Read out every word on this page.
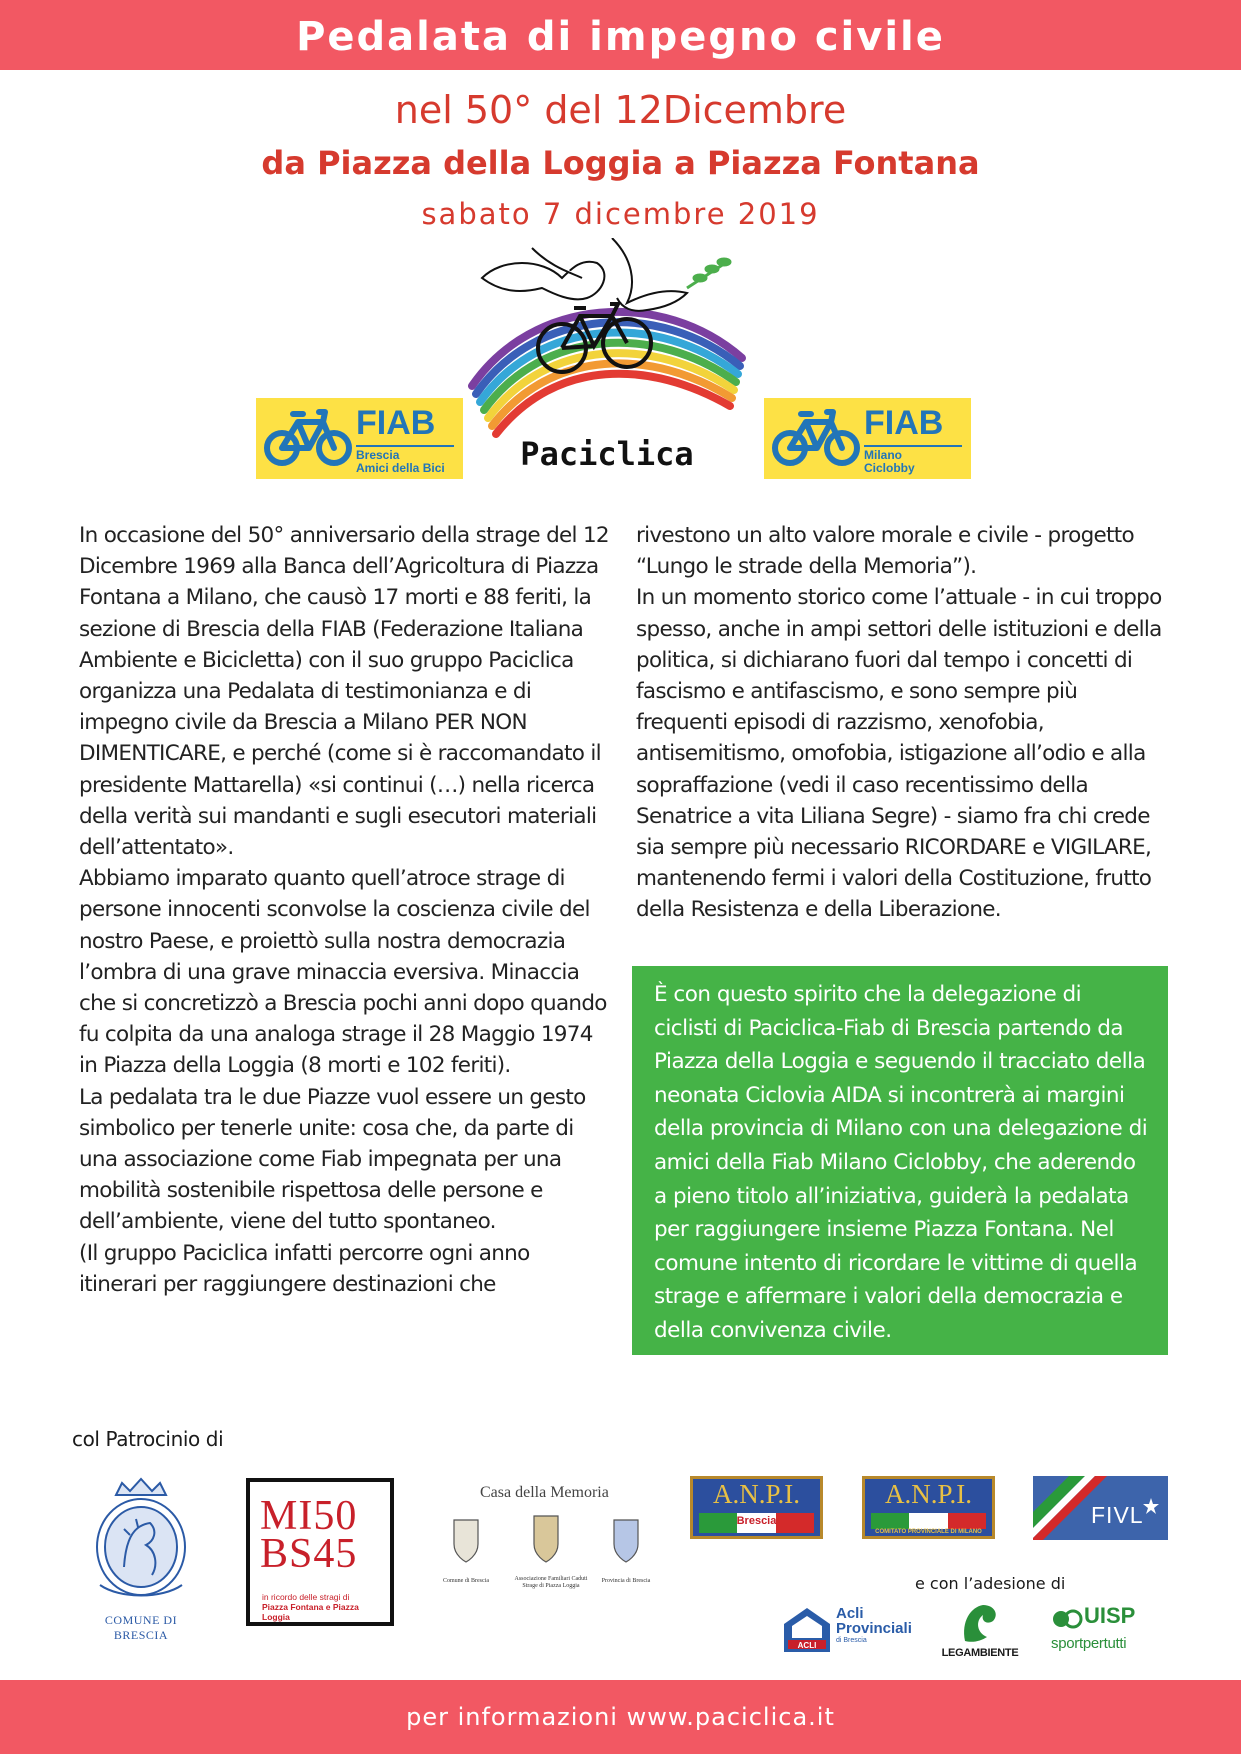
Pedalata di impegno civile
nel 50° del 12Dicembre
da Piazza della Loggia a Piazza Fontana
sabato 7 dicembre 2019
FIAB
Brescia
Amici della Bici	Paciclica
FIAB
Milano
Ciclobby

In occasione del 50° anniversario della strage del 12 Dicembre 1969 alla Banca dell’Agricoltura di Piazza Fontana a Milano, che causò 17 morti e 88 feriti, la sezione di Brescia della FIAB (Federazione Italiana Ambiente e Bicicletta) con il suo gruppo Paciclica organizza una Pedalata di testimonianza e di impegno civile da Brescia a Milano PER NON DIMENTICARE, e perché (come si è raccomandato il presidente Mattarella) «si continui (…) nella ricerca della verità sui mandanti e sugli esecutori materiali dell’attentato».

Abbiamo imparato quanto quell’atroce strage di persone innocenti sconvolse la coscienza civile del nostro Paese, e proiettò sulla nostra democrazia l’ombra di una grave minaccia eversiva. Minaccia che si concretizzò a Brescia pochi anni dopo quando fu colpita da una analoga strage il 28 Maggio 1974 in Piazza della Loggia (8 morti e 102 feriti).

La pedalata tra le due Piazze vuol essere un gesto simbolico per tenerle unite: cosa che, da parte di una associazione come Fiab impegnata per una mobilità sostenibile rispettosa delle persone e dell’ambiente, viene del tutto spontaneo.

(Il gruppo Paciclica infatti percorre ogni anno itinerari per raggiungere destinazioni che

rivestono un alto valore morale e civile - progetto “Lungo le strade della Memoria”).

In un momento storico come l’attuale - in cui troppo spesso, anche in ampi settori delle istituzioni e della politica, si dichiarano fuori dal tempo i concetti di fascismo e antifascismo, e sono sempre più frequenti episodi di razzismo, xenofobia, antisemitismo, omofobia, istigazione all’odio e alla sopraffazione (vedi il caso recentissimo della Senatrice a vita Liliana Segre) - siamo fra chi crede sia sempre più necessario RICORDARE e VIGILARE, mantenendo fermi i valori della Costituzione, frutto della Resistenza e della Liberazione.

È con questo spirito che la delegazione di ciclisti di Paciclica-Fiab di Brescia partendo da Piazza della Loggia e seguendo il tracciato della neonata Ciclovia AIDA si incontrerà ai margini della provincia di Milano con una delegazione di amici della Fiab Milano Ciclobby, che aderendo a pieno titolo all’iniziativa, guiderà la pedalata per raggiungere insieme Piazza Fontana. Nel comune intento di ricordare le vittime di quella strage e affermare i valori della democrazia e della convivenza civile.
col Patrocinio di
COMUNE DI BRESCIA
MI50
BS45
in ricordo delle stragi di
Piazza Fontana e Piazza Loggia
Casa della Memoria
Comune di Brescia	Associazione Familiari Caduti
Strage di Piazza Loggia
Provincia di Brescia
A.N.P.I.
Brescia
A.N.P.I.
COMITATO PROVINCIALE DI MILANO
FIVL
e con l’adesione di
ACLI
Acli
Provinciali
di Brescia
LEGAMBIENTE
UISP
sportpertutti
per informazioni www.paciclica.it
